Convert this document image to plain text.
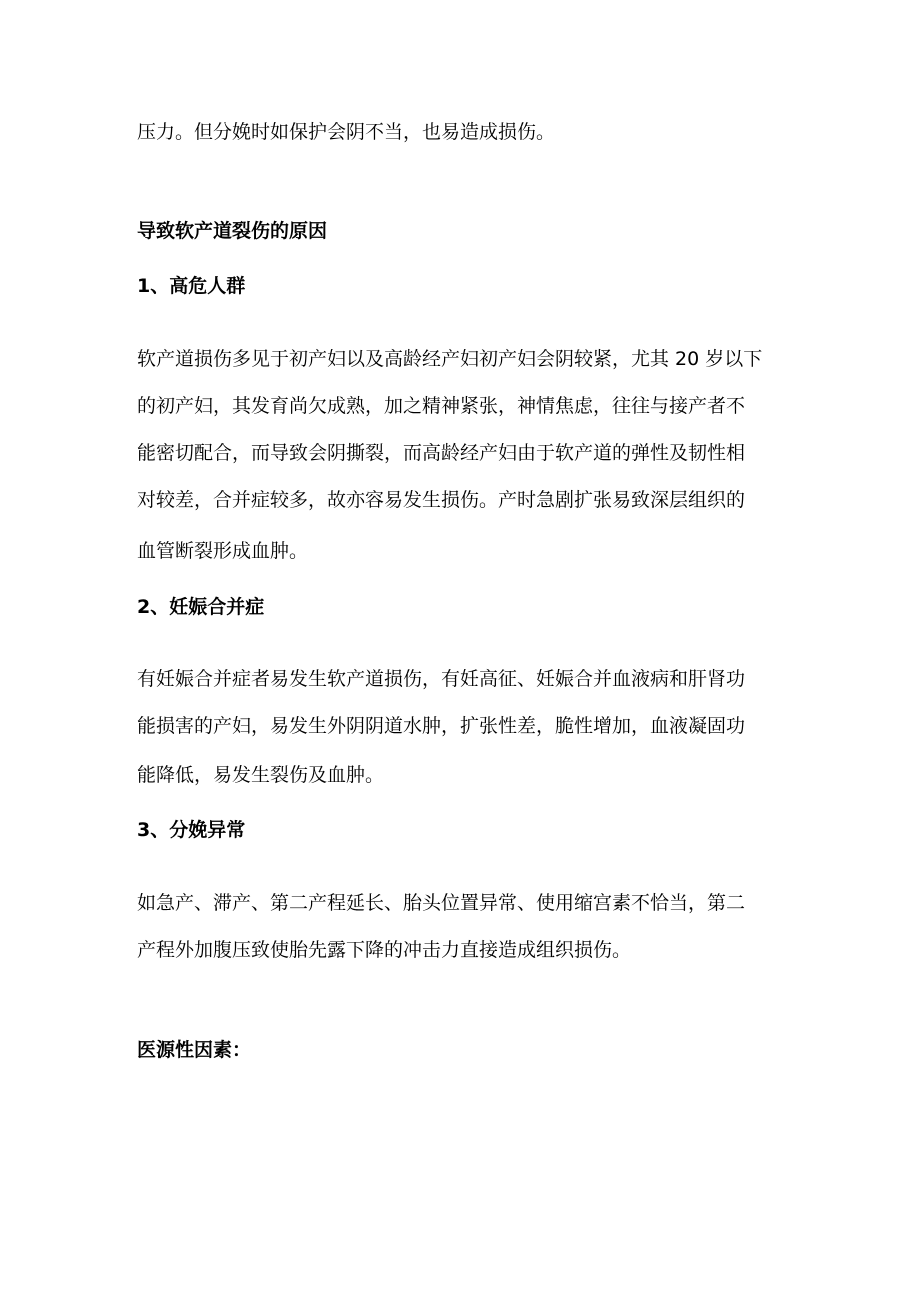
压力。但分娩时如保护会阴不当，也易造成损伤。

导致软产道裂伤的原因

1、高危人群

软产道损伤多见于初产妇以及高龄经产妇初产妇会阴较紧，尤其 20 岁以下

的初产妇，其发育尚欠成熟，加之精神紧张，神情焦虑，往往与接产者不

能密切配合，而导致会阴撕裂，而高龄经产妇由于软产道的弹性及韧性相

对较差，合并症较多，故亦容易发生损伤。产时急剧扩张易致深层组织的

血管断裂形成血肿。

2、妊娠合并症

有妊娠合并症者易发生软产道损伤，有妊高征、妊娠合并血液病和肝肾功

能损害的产妇，易发生外阴阴道水肿，扩张性差，脆性增加，血液凝固功

能降低，易发生裂伤及血肿。

3、分娩异常

如急产、滞产、第二产程延长、胎头位置异常、使用缩宫素不恰当，第二

产程外加腹压致使胎先露下降的冲击力直接造成组织损伤。

医源性因素：
